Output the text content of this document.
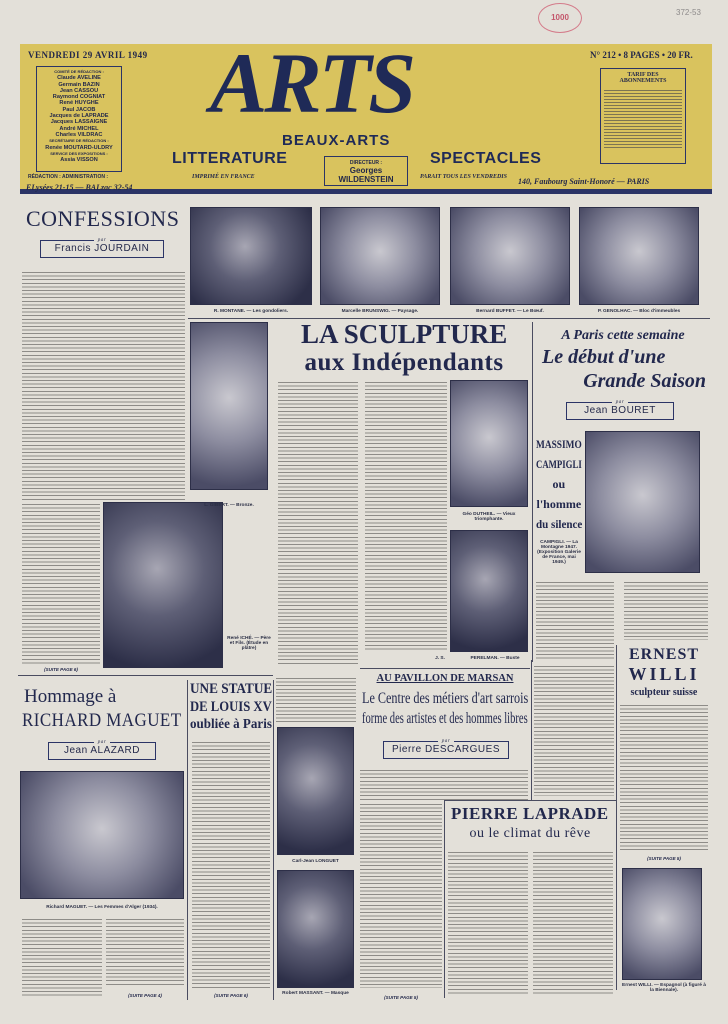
1000
372-53
VENDREDI 29 AVRIL 1949
COMITÉ DE RÉDACTION :
Claude AVELINE
Germain BAZIN
Jean CASSOU
Raymond COGNIAT
René HUYGHE
Paul JACOB
Jacques de LAPRADE
Jacques LASSAIGNE
André MICHEL
Charles VILDRAC
SECRÉTAIRE DE RÉDACTION :
Renée MOUTARD-ULDRY
SERVICE DES EXPOSITIONS :
Assia VISSON
RÉDACTION : ADMINISTRATION :
ELysées 21-15 — BALzac 32-54
ARTS
BEAUX-ARTS
LITTERATURE	SPECTACLES
IMPRIMÉ EN FRANCE	PARAIT TOUS LES VENDREDIS
DIRECTEUR :
Georges
WILDENSTEIN
N° 212 • 8 PAGES • 20 FR.
TARIF DES ABONNEMENTS
140, Faubourg Saint-Honoré — PARIS
CONFESSIONS
par
Francis JOURDAIN
(SUITE PAGE 6)
René ICHÉ. — Père et Fils. (Étude en plâtre)
R. MONTANE. — Les gondoliers.	Marcelle BRUNSWIG. — Paysage.	Bernard BUFFET. — Le Bœuf.	P. GENOLHAC. — Bloc d'immeubles
L. GIBERT. — Bronze.
LA SCULPTURE
aux Indépendants
Géo DUTHEIL. — Vieux triomphante.
J. S.	PERELMAN. — Buste
A Paris cette semaine
Le début d'une
Grande Saison
par
Jean BOURET
MASSIMO
CAMPIGLI
ou
l'homme
du silence
CAMPIGLI. — La Montagne 1947. (Exposition Galerie de France, mai 1949.)
ERNEST
WILLI
sculpteur suisse
(SUITE PAGE 5)
Ernest WILLI. — Espagnol (à figuré à la Biennale).
Hommage à
RICHARD MAGUET
par
Jean ALAZARD
Richard MAGUET. — Les Femmes d'Alger (1934).
(SUITE PAGE 4)
UNE STATUE
DE LOUIS XV
oubliée à Paris
(SUITE PAGE 6)
Carl-Jean LONGUET
Robert MASSANT. — Masque
AU PAVILLON DE MARSAN
Le Centre des métiers d'art sarrois
forme des artistes et des hommes libres
par
Pierre DESCARGUES
(SUITE PAGE 5)
PIERRE LAPRADE
ou le climat du rêve
